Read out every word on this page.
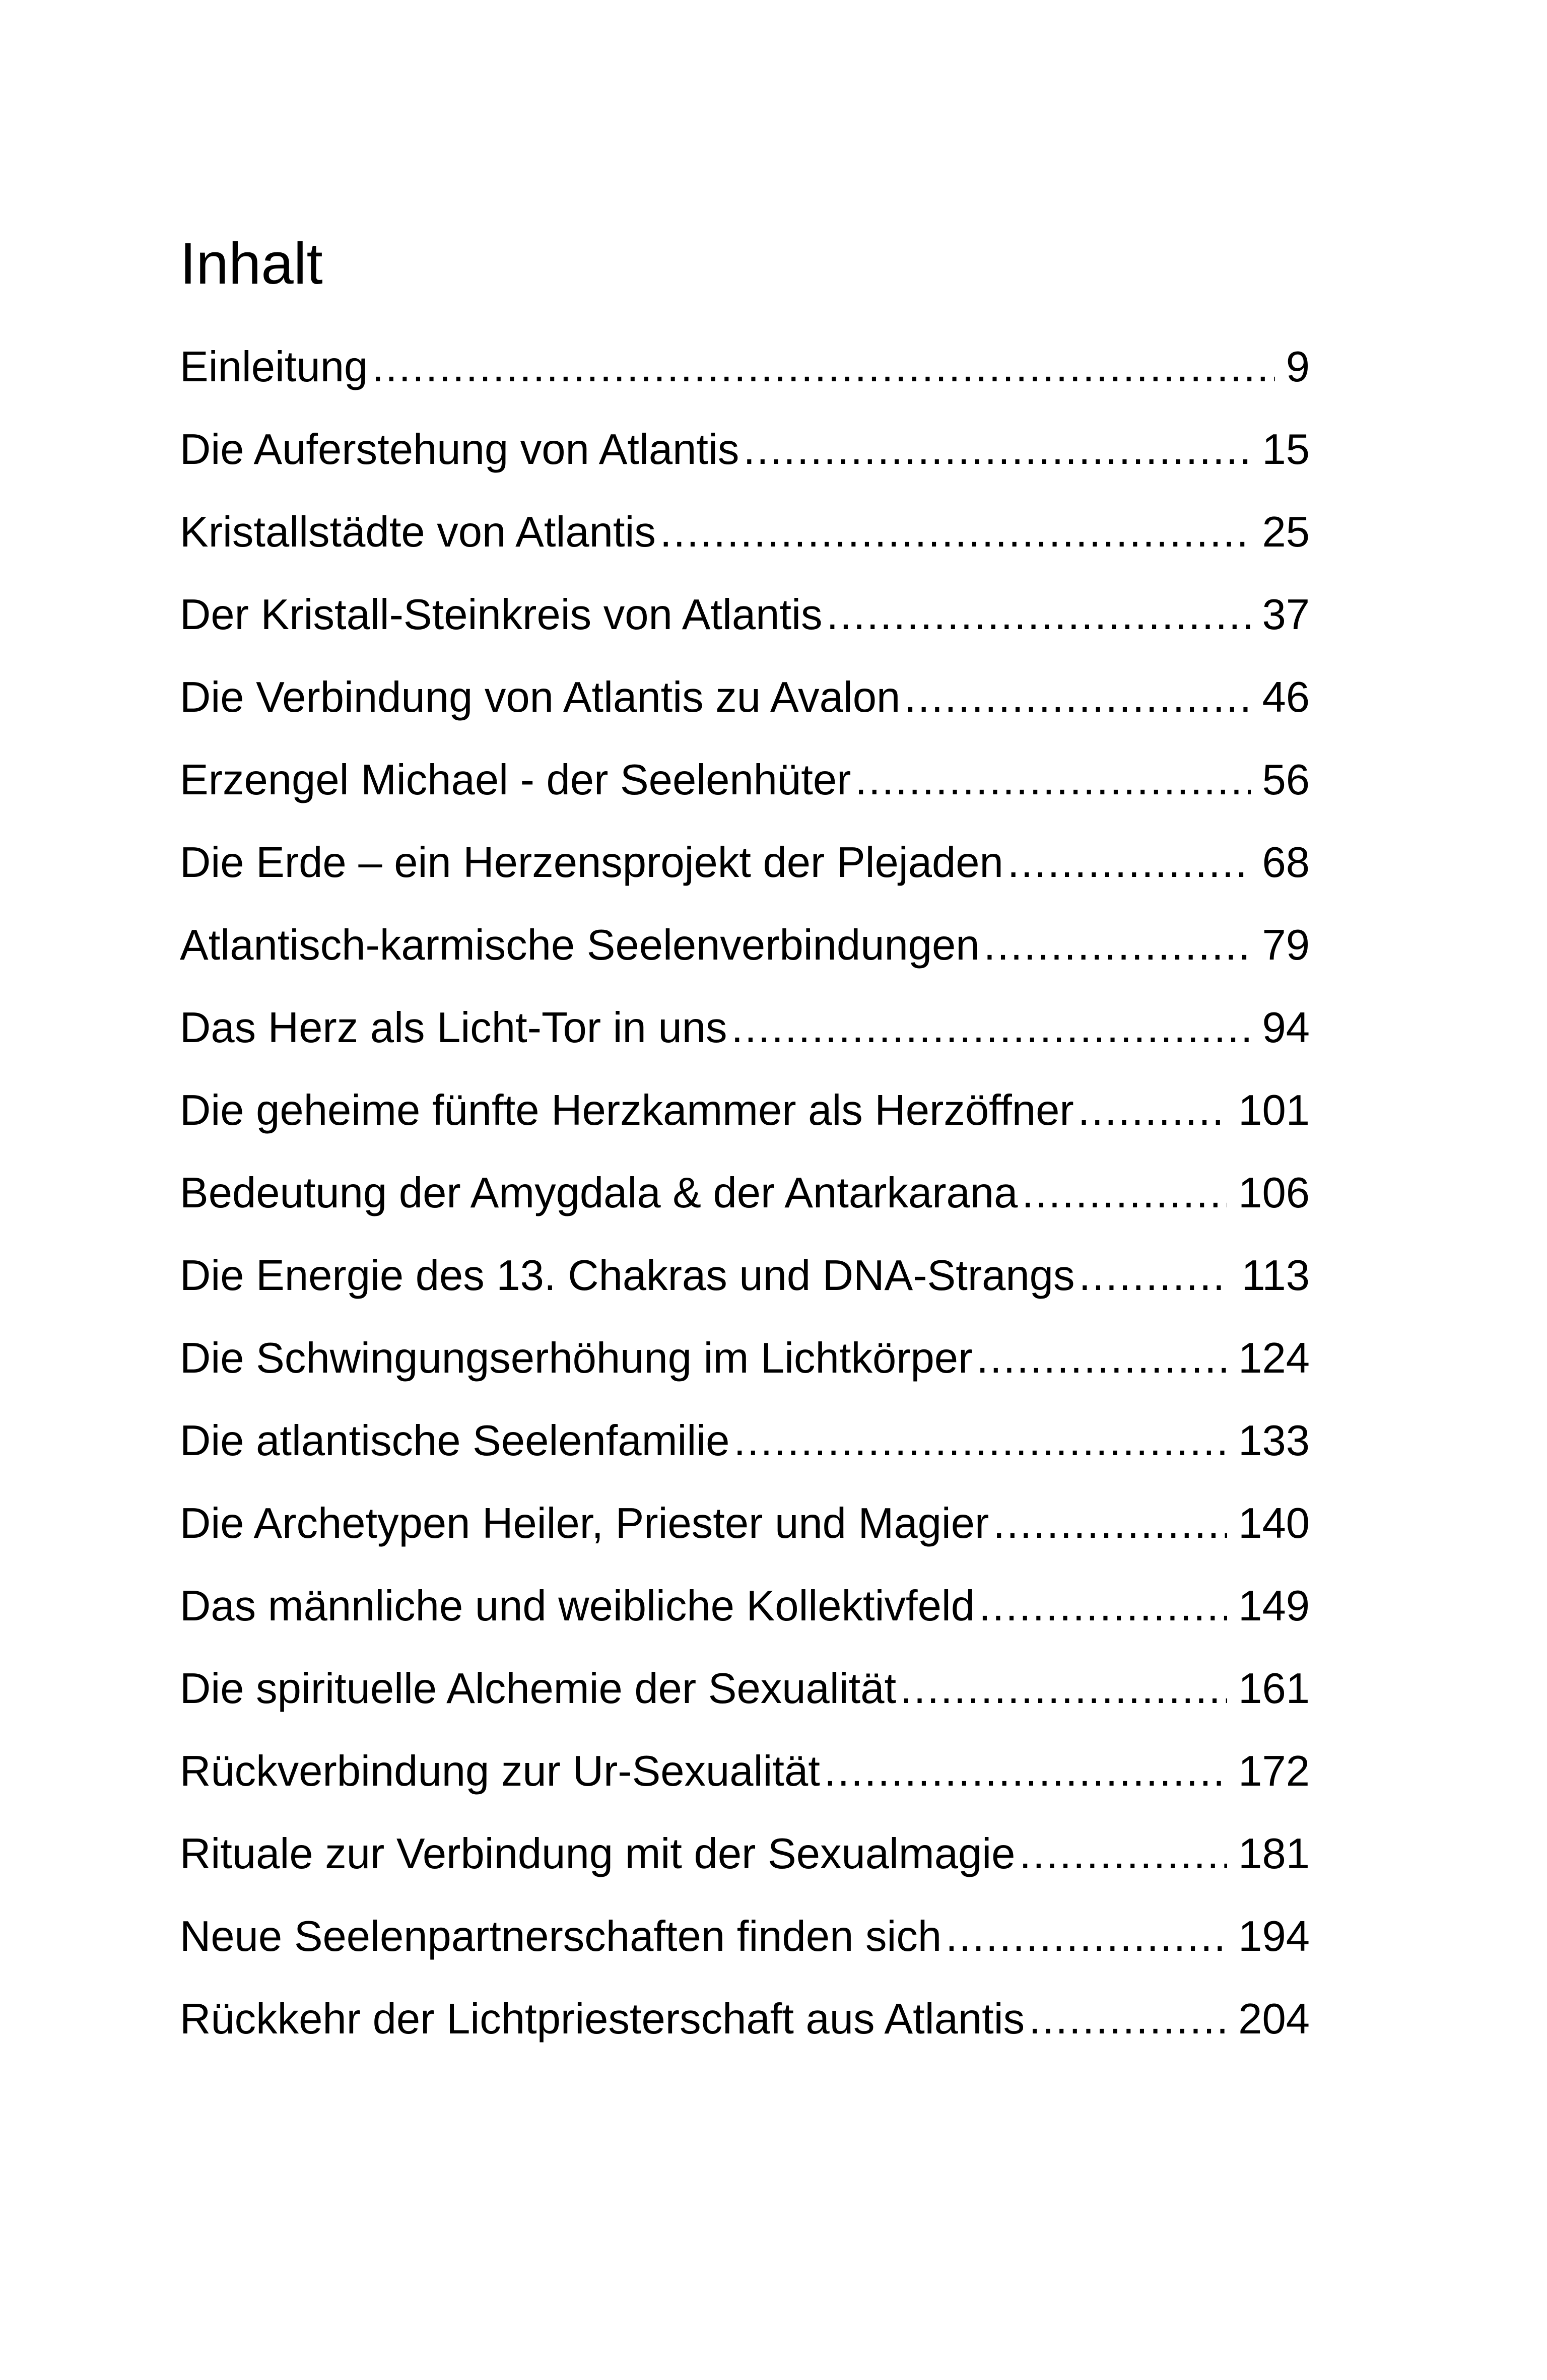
Inhalt
Einleitung .....	9
Die Auferstehung von Atlantis .....	15
Kristallstädte von Atlantis .....	25
Der Kristall-Steinkreis von Atlantis .....	37
Die Verbindung von Atlantis zu Avalon .....	46
Erzengel Michael - der Seelenhüter .....	56
Die Erde – ein Herzensprojekt der Plejaden .....	68
Atlantisch-karmische Seelenverbindungen .....	79
Das Herz als Licht-Tor in uns .....	94
Die geheime fünfte Herzkammer als Herzöffner .....	101
Bedeutung der Amygdala & der Antarkarana .....	106
Die Energie des 13. Chakras und DNA-Strangs .....	113
Die Schwingungserhöhung im Lichtkörper .....	124
Die atlantische Seelenfamilie .....	133
Die Archetypen Heiler, Priester und Magier .....	140
Das männliche und weibliche Kollektivfeld .....	149
Die spirituelle Alchemie der Sexualität .....	161
Rückverbindung zur Ur-Sexualität .....	172
Rituale zur Verbindung mit der Sexualmagie .....	181
Neue Seelenpartnerschaften finden sich .....	194
Rückkehr der Lichtpriesterschaft aus Atlantis .....	204
